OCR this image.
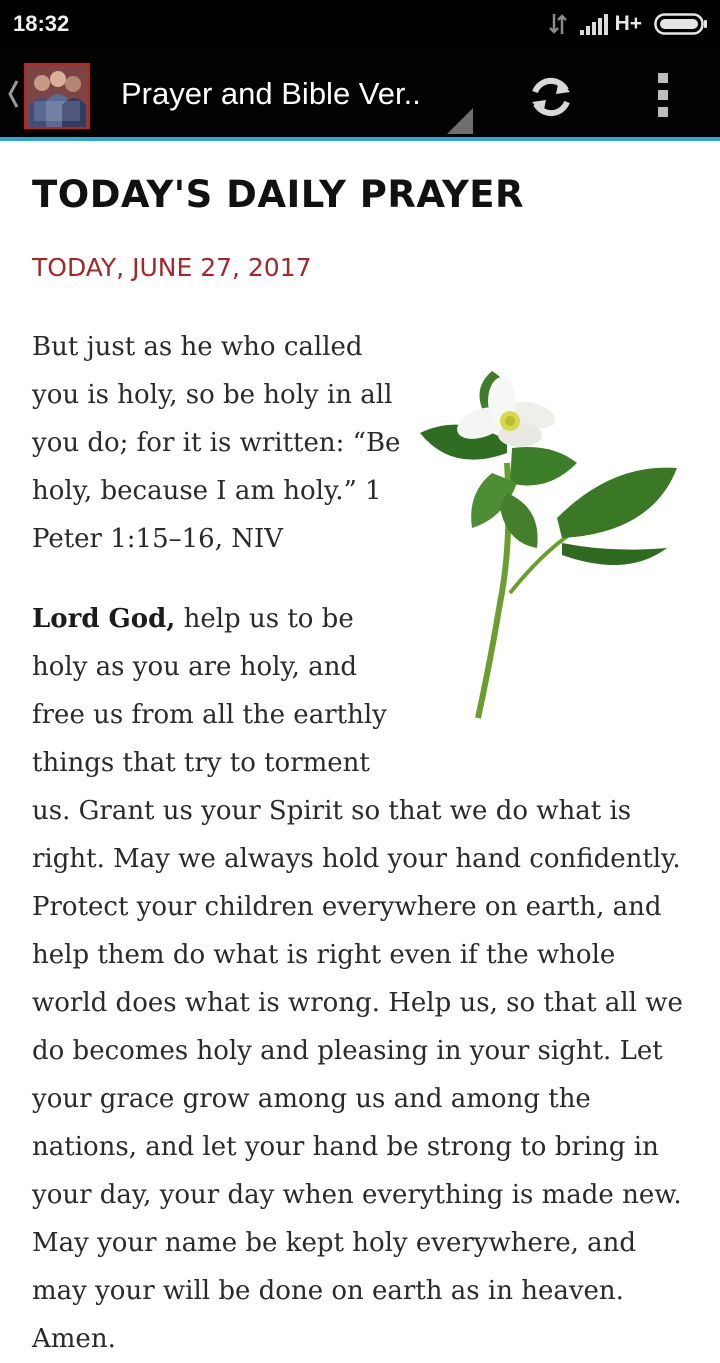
18:32	H+
Prayer and Bible Ver..
TODAY'S DAILY PRAYER
TODAY, JUNE 27, 2017

But just as he who called you is holy, so be holy in all you do; for it is written: “Be holy, because I am holy.” 1 Peter 1:15–16, NIV

Lord God, help us to be holy as you are holy, and free us from all the earthly things that try to torment us. Grant us your Spirit so that we do what is right. May we always hold your hand confidently. Protect your children everywhere on earth, and help them do what is right even if the whole world does what is wrong. Help us, so that all we do becomes holy and pleasing in your sight. Let your grace grow among us and among the nations, and let your hand be strong to bring in your day, your day when everything is made new. May your name be kept holy everywhere, and may your will be done on earth as in heaven. Amen.
